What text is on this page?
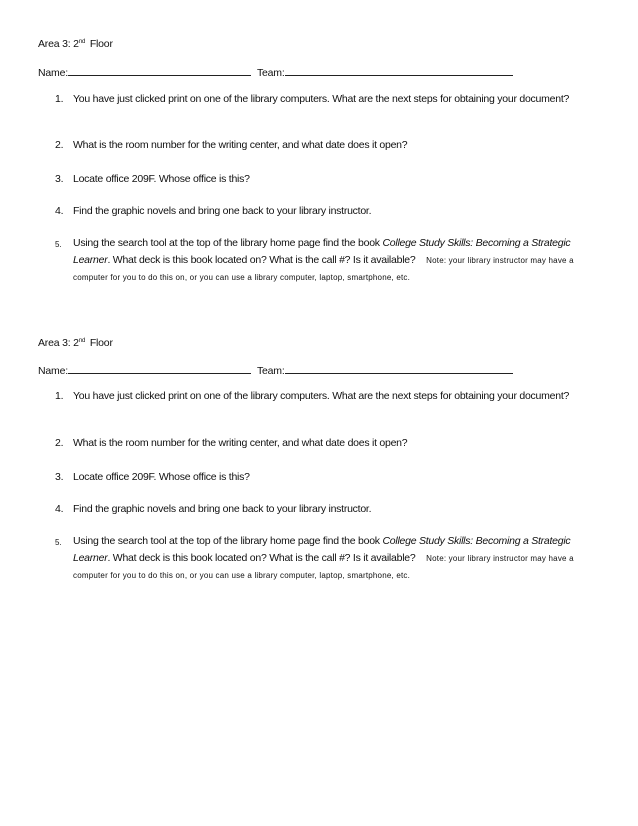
Area 3: 2nd Floor
Name:	Team:
1. You have just clicked print on one of the library computers. What are the next steps for obtaining your document?
2. What is the room number for the writing center, and what date does it open?
3. Locate office 209F. Whose office is this?
4. Find the graphic novels and bring one back to your library instructor.
5.	Using the search tool at the top of the library home page find the book College Study Skills: Becoming a Strategic Learner. What deck is this book located on? What is the call #? Is it available? Note: your library instructor may have a computer for you to do this on, or you can use a library computer, laptop, smartphone, etc.
Area 3: 2nd Floor
Name:	Team:
1. You have just clicked print on one of the library computers. What are the next steps for obtaining your document?
2. What is the room number for the writing center, and what date does it open?
3. Locate office 209F. Whose office is this?
4. Find the graphic novels and bring one back to your library instructor.
5.	Using the search tool at the top of the library home page find the book College Study Skills: Becoming a Strategic Learner. What deck is this book located on? What is the call #? Is it available? Note: your library instructor may have a computer for you to do this on, or you can use a library computer, laptop, smartphone, etc.
